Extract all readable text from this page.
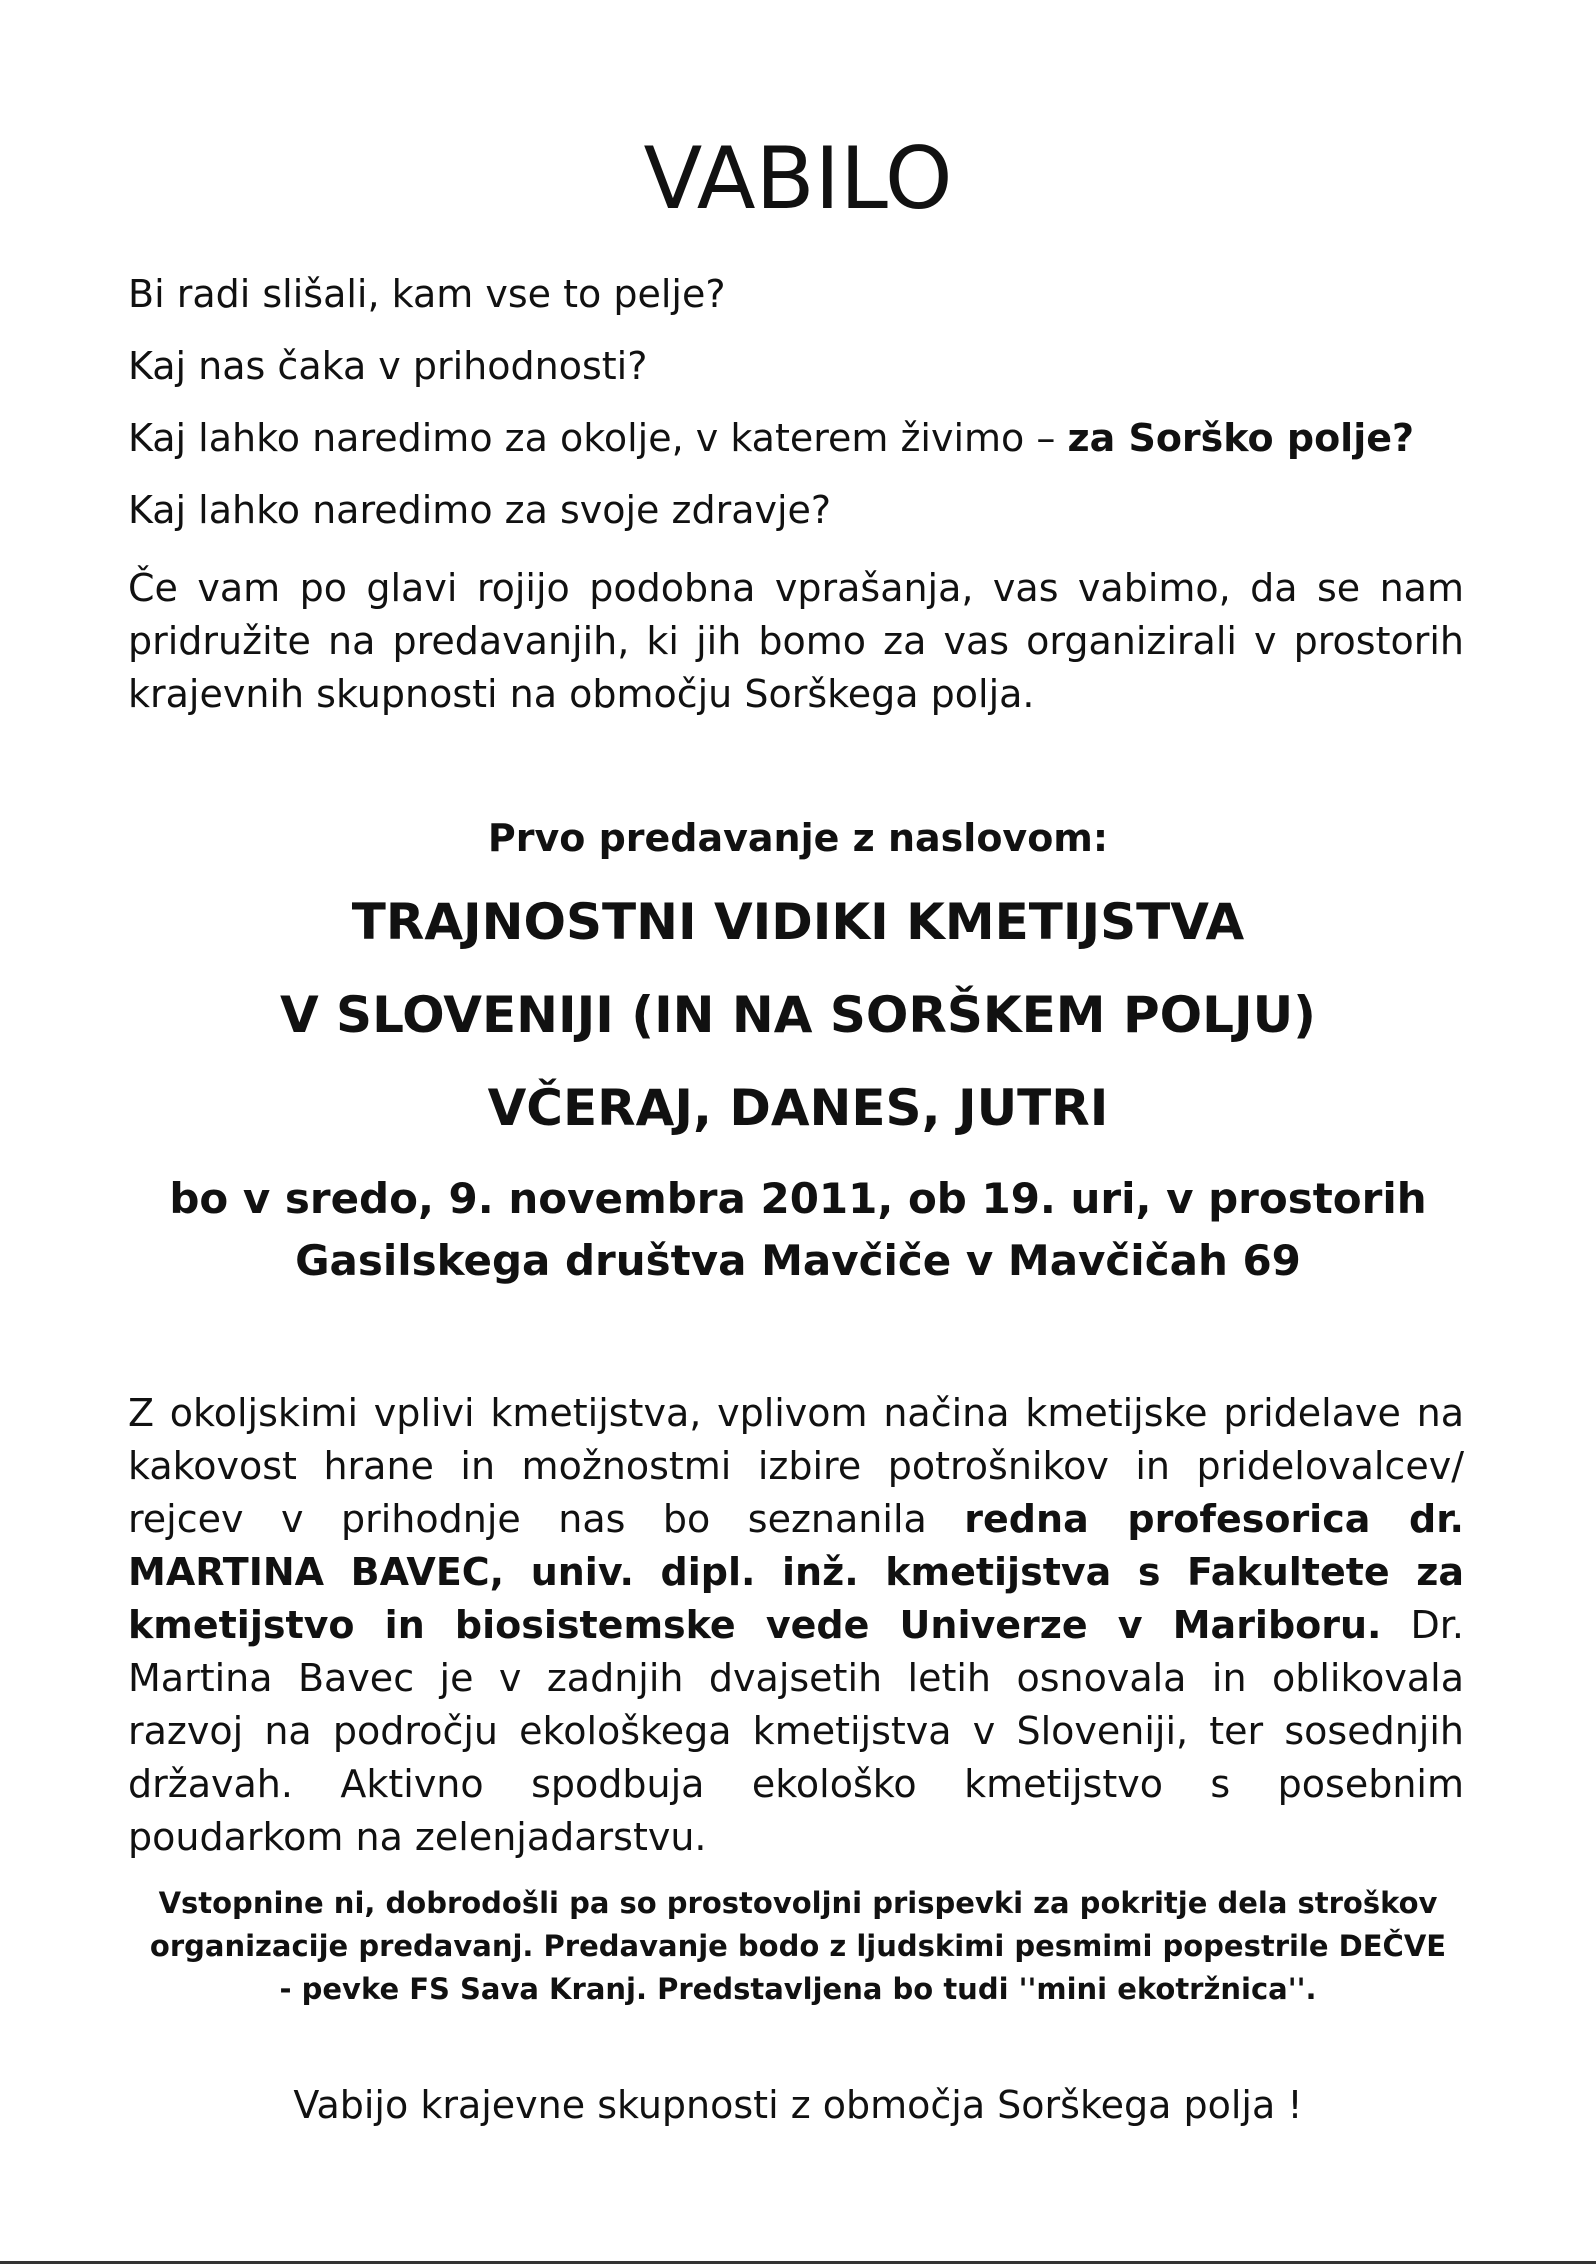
VABILO

Bi radi slišali, kam vse to pelje?

Kaj nas čaka v prihodnosti?

Kaj lahko naredimo za okolje, v katerem živimo – za Sorško polje?

Kaj lahko naredimo za svoje zdravje?

Če vam po glavi rojijo podobna vprašanja, vas vabimo, da se nam pridružite na predavanjih, ki jih bomo za vas organizirali v prostorih krajevnih skupnosti na območju Sorškega polja.

Prvo predavanje z naslovom:

TRAJNOSTNI VIDIKI KMETIJSTVA

V SLOVENIJI (IN NA SORŠKEM POLJU)

VČERAJ, DANES, JUTRI

bo v sredo, 9. novembra 2011, ob 19. uri, v prostorih Gasilskega društva Mavčiče v Mavčičah 69

Z okoljskimi vplivi kmetijstva, vplivom načina kmetijske pridelave na kakovost hrane in možnostmi izbire potrošnikov in pridelovalcev/ rejcev v prihodnje nas bo seznanila redna profesorica dr. MARTINA BAVEC, univ. dipl. inž. kmetijstva s Fakultete za kmetijstvo in biosistemske vede Univerze v Mariboru. Dr. Martina Bavec je v zadnjih dvajsetih letih osnovala in oblikovala razvoj na področju ekološkega kmetijstva v Sloveniji, ter sosednjih državah. Aktivno spodbuja ekološko kmetijstvo s posebnim poudarkom na zelenjadarstvu.

Vstopnine ni, dobrodošli pa so prostovoljni prispevki za pokritje dela stroškov organizacije predavanj. Predavanje bodo z ljudskimi pesmimi popestrile DEČVE - pevke FS Sava Kranj. Predstavljena bo tudi ''mini ekotržnica''.

Vabijo krajevne skupnosti z območja Sorškega polja !
